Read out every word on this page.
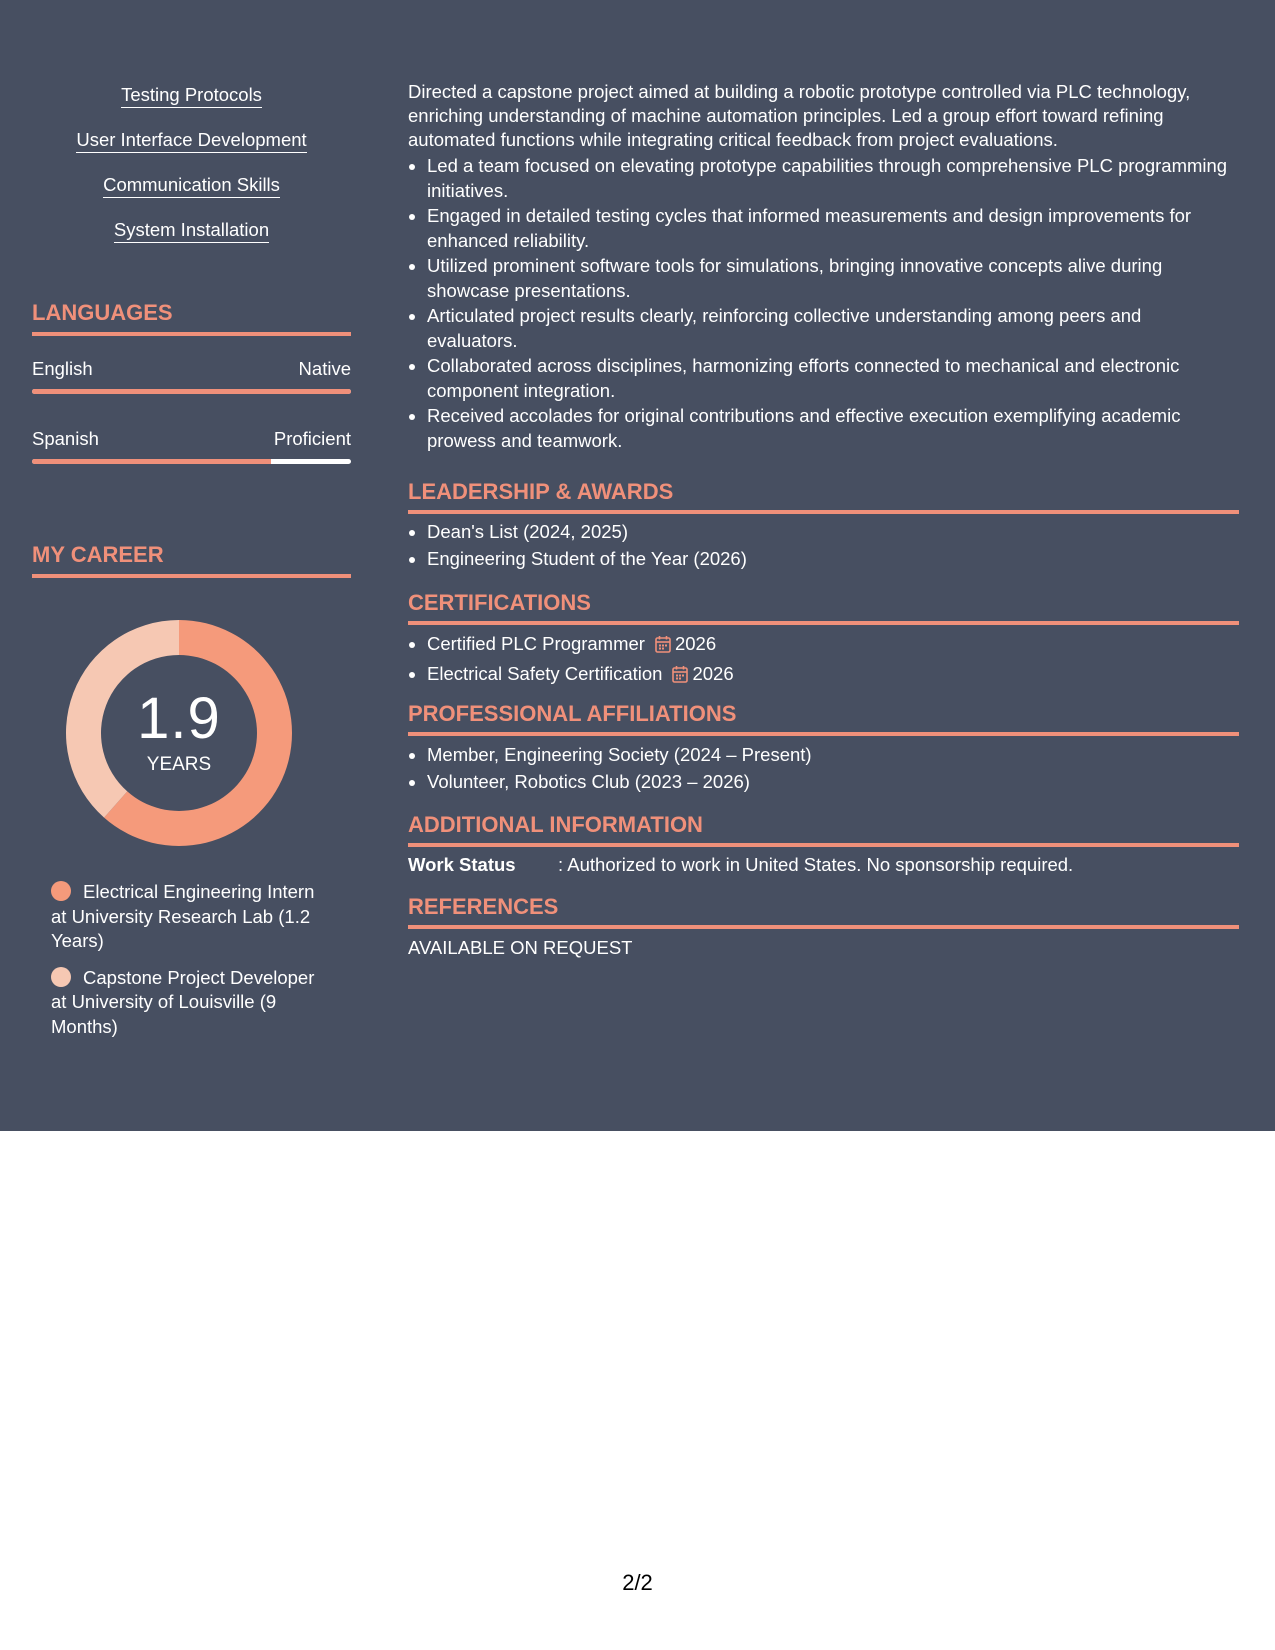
Testing Protocols
User Interface Development
Communication Skills
System Installation
LANGUAGES
English	Native
Spanish	Proficient
MY CAREER
1.9
YEARS
Electrical Engineering Intern at University Research Lab (1.2 Years)
Capstone Project Developer at University of Louisville (9 Months)
Directed a capstone project aimed at building a robotic prototype controlled via PLC technology, enriching understanding of machine automation principles. Led a group effort toward refining automated functions while integrating critical feedback from project evaluations.
Led a team focused on elevating prototype capabilities through comprehensive PLC programming initiatives.
Engaged in detailed testing cycles that informed measurements and design improvements for enhanced reliability.
Utilized prominent software tools for simulations, bringing innovative concepts alive during showcase presentations.
Articulated project results clearly, reinforcing collective understanding among peers and evaluators.
Collaborated across disciplines, harmonizing efforts connected to mechanical and electronic component integration.
Received accolades for original contributions and effective execution exemplifying academic prowess and teamwork.
LEADERSHIP & AWARDS
Dean's List (2024, 2025)
Engineering Student of the Year (2026)
CERTIFICATIONS
Certified PLC Programmer 2026
Electrical Safety Certification 2026
PROFESSIONAL AFFILIATIONS
Member, Engineering Society (2024 – Present)
Volunteer, Robotics Club (2023 – 2026)
ADDITIONAL INFORMATION
Work Status : Authorized to work in United States. No sponsorship required.
REFERENCES
AVAILABLE ON REQUEST
2/2
